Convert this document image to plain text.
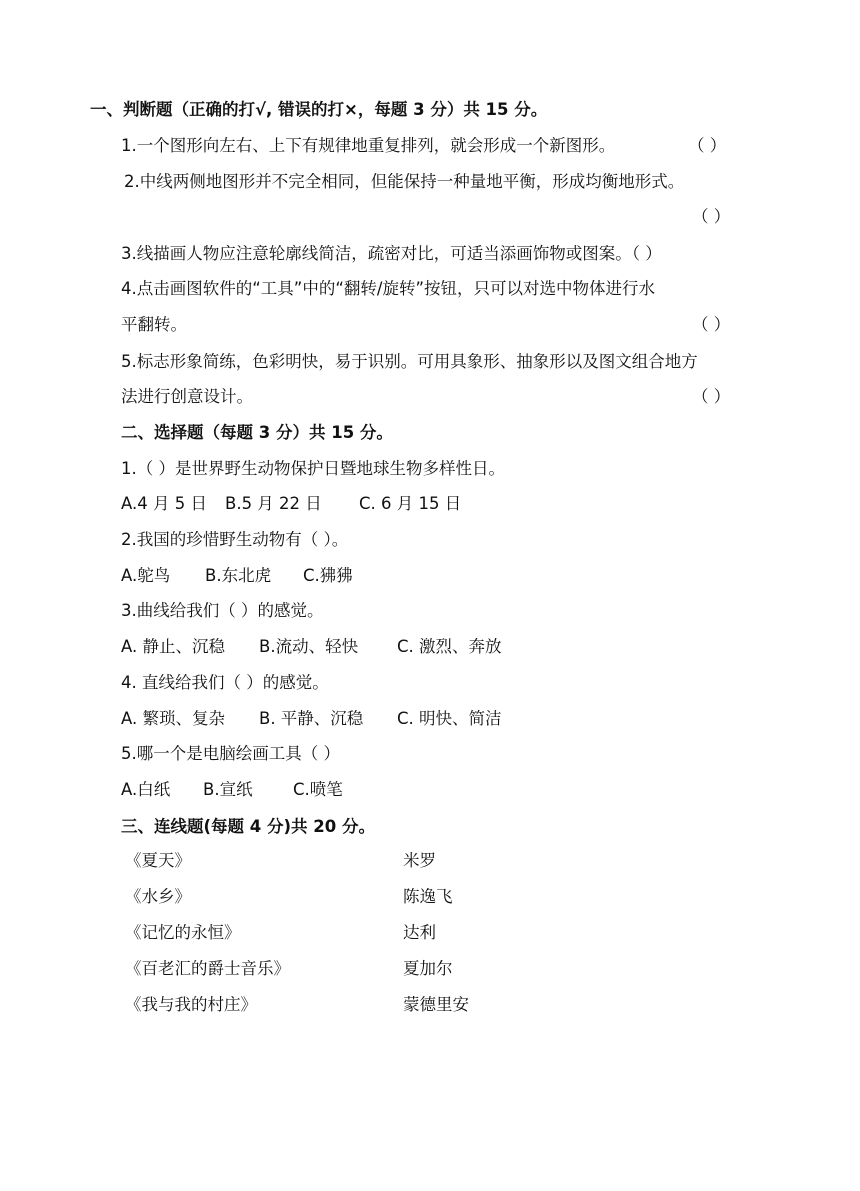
一、判断题（正确的打√, 错误的打×，每题 3 分）共 15 分。
1.一个图形向左右、上下有规律地重复排列，就会形成一个新图形。	（ ）
2.中线两侧地图形并不完全相同，但能保持一种量地平衡，形成均衡地形式。
（ ）
3.线描画人物应注意轮廓线简洁，疏密对比，可适当添画饰物或图案。（ ）
4.点击画图软件的“工具”中的“翻转/旋转”按钮，只可以对选中物体进行水
平翻转。	（ ）
5.标志形象简练，色彩明快，易于识别。可用具象形、抽象形以及图文组合地方
法进行创意设计。	（ ）
二、选择题（每题 3 分）共 15 分。
1.（ ）是世界野生动物保护日暨地球生物多样性日。
A.4 月 5 日 B.5 月 22 日 C. 6 月 15 日
2.我国的珍惜野生动物有（ ）。
A.鸵鸟 B.东北虎 C.狒狒
3.曲线给我们（ ）的感觉。
A. 静止、沉稳 B.流动、轻快 C. 激烈、奔放
4. 直线给我们（ ）的感觉。
A. 繁琐、复杂 B. 平静、沉稳 C. 明快、简洁
5.哪一个是电脑绘画工具（ ）
A.白纸 B.宣纸 C.喷笔
三、连线题(每题 4 分)共 20 分。
《夏天》	米罗
《水乡》	陈逸飞
《记忆的永恒》	达利
《百老汇的爵士音乐》	夏加尔
《我与我的村庄》	蒙德里安
